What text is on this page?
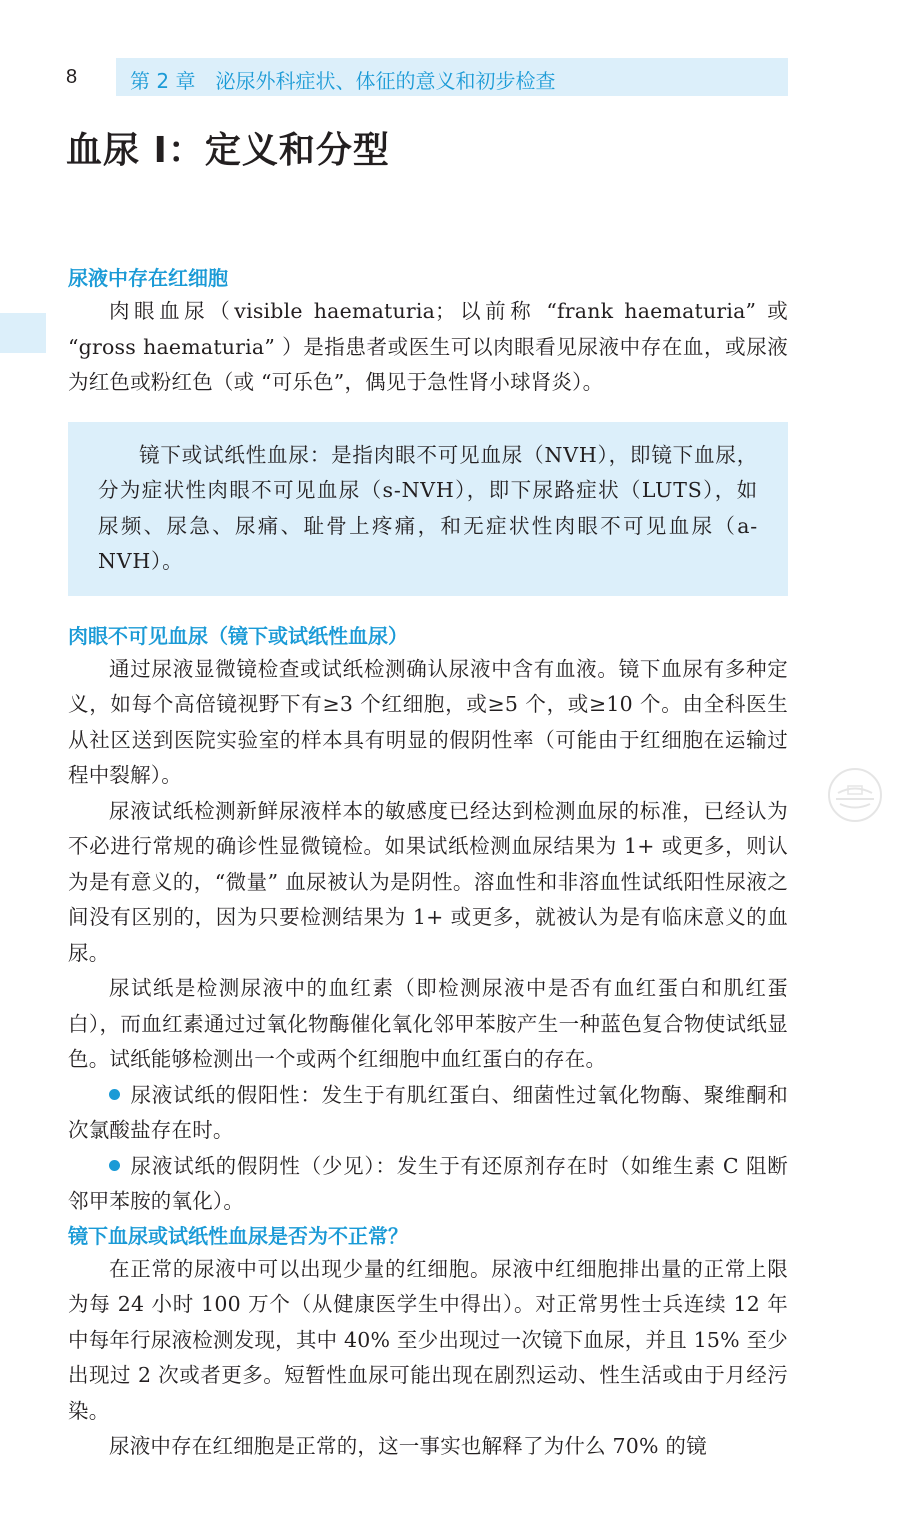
8	第 2 章　泌尿外科症状、体征的意义和初步检查
血尿 I：定义和分型
尿液中存在红细胞

肉眼血尿（visible haematuria；以前称 “frank haematuria” 或 “gross haematuria” ）是指患者或医生可以肉眼看见尿液中存在血，或尿液为红色或粉红色（或 “可乐色”，偶见于急性肾小球肾炎）。

镜下或试纸性血尿：是指肉眼不可见血尿（NVH），即镜下血尿，分为症状性肉眼不可见血尿（s-NVH），即下尿路症状（LUTS），如尿频、尿急、尿痛、耻骨上疼痛，和无症状性肉眼不可见血尿（a-NVH）。

肉眼不可见血尿（镜下或试纸性血尿）

通过尿液显微镜检查或试纸检测确认尿液中含有血液。镜下血尿有多种定义，如每个高倍镜视野下有≥3 个红细胞，或≥5 个，或≥10 个。由全科医生从社区送到医院实验室的样本具有明显的假阴性率（可能由于红细胞在运输过程中裂解）。

尿液试纸检测新鲜尿液样本的敏感度已经达到检测血尿的标准，已经认为不必进行常规的确诊性显微镜检。如果试纸检测血尿结果为 1+ 或更多，则认为是有意义的，“微量” 血尿被认为是阴性。溶血性和非溶血性试纸阳性尿液之间没有区别的，因为只要检测结果为 1+ 或更多，就被认为是有临床意义的血尿。

尿试纸是检测尿液中的血红素（即检测尿液中是否有血红蛋白和肌红蛋白），而血红素通过过氧化物酶催化氧化邻甲苯胺产生一种蓝色复合物使试纸显色。试纸能够检测出一个或两个红细胞中血红蛋白的存在。

尿液试纸的假阳性：发生于有肌红蛋白、细菌性过氧化物酶、聚维酮和次氯酸盐存在时。

尿液试纸的假阴性（少见）：发生于有还原剂存在时（如维生素 C 阻断邻甲苯胺的氧化）。

镜下血尿或试纸性血尿是否为不正常？

在正常的尿液中可以出现少量的红细胞。尿液中红细胞排出量的正常上限为每 24 小时 100 万个（从健康医学生中得出）。对正常男性士兵连续 12 年中每年行尿液检测发现，其中 40% 至少出现过一次镜下血尿，并且 15% 至少出现过 2 次或者更多。短暂性血尿可能出现在剧烈运动、性生活或由于月经污染。

尿液中存在红细胞是正常的，这一事实也解释了为什么 70% 的镜
